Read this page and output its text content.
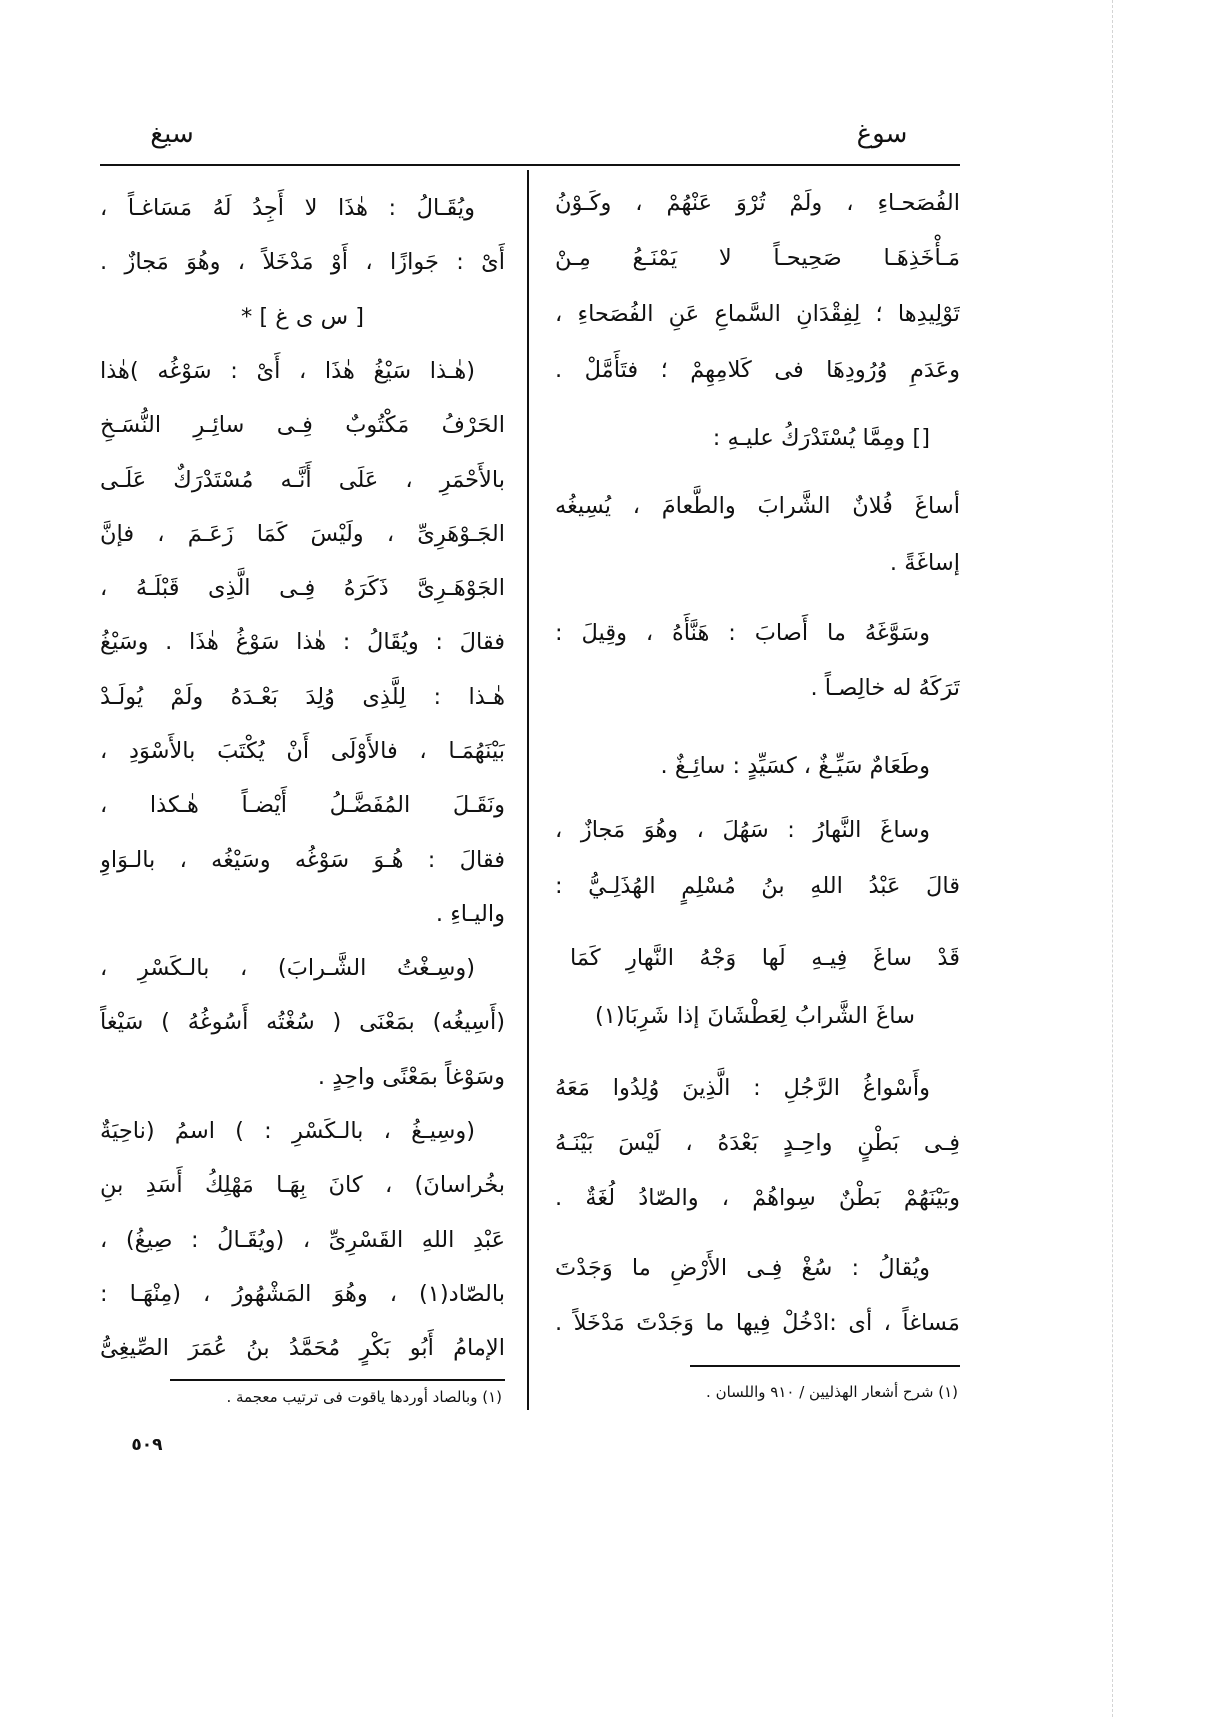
سيغ	سوغ
الفُصَحـاءِ ، ولَمْ تُرْوَ عَنْهُمْ ، وكَـوْنُ
مَـأْخَذِهَـا صَحِيحـاً لا يَمْنَـعُ مِـنْ
تَوْلِيدِها ؛ لِفِقْدَانِ السَّماعِ عَنِ الفُصَحاءِ ،
وعَدَمِ وُرُودِهَا فى كَلامِهِمْ ؛ فتَأَمَّلْ .
[] ومِمَّا يُسْتَدْرَكُ عليـهِ :
أساغَ فُلانٌ الشَّرابَ والطَّعامَ ، يُسِيغُه
إساغَةً .
وسَوَّغَهُ ما أَصابَ : هَنَّأَهُ ، وقِيلَ :
تَرَكَهُ له خالِصـاً .
وطَعَامٌ سَيِّـغٌ ، كسَيِّدٍ : سائِـغٌ .
وساغَ النَّهارُ : سَهُلَ ، وهُوَ مَجازٌ ،
قالَ عَبْدُ اللهِ بنُ مُسْلِمٍ الهُذَلِـيُّ :
قَدْ ساغَ فِيـهِ لَها وَجْهُ النَّهارِ كَمَا
ساغَ الشَّرابُ لِعَطْشَانَ إذا شَرِبَا(١)
وأَسْواغُ الرَّجُلِ : الَّذِينَ وُلِدُوا مَعَهُ
فِـى بَطْنٍ واحِـدٍ بَعْدَهُ ، لَيْسَ بَيْنَـهُ
وبَيْنَهُمْ بَطْنٌ سِواهُمْ ، والصّادُ لُغَةٌ .
ويُقالُ : سُغْ فِـى الأَرْضِ ما وَجَدْتَ
مَساغاً ، أى :ادْخُلْ فِيها ما وَجَدْتَ مَدْخَلاً .
ويُقَـالُ : هٰذَا لا أَجِدُ لَهُ مَسَاغـاً ،
أَىْ : جَوازًا ، أَوْ مَدْخَلاً ، وهُوَ مَجازٌ .
[ س ى غ ] *
(هٰـذا سَيْغُ هٰذَا ، أَىْ : سَوْغُه )هٰذا
الحَرْفُ مَكْتُوبٌ فِـى سائِـرِ النُّسَـخِ
بالأَحْمَرِ ، عَلَى أَنَّـه مُسْتَدْرَكٌ عَلَـى
الجَـوْهَرِىِّ ، ولَيْسَ كَمَا زَعَـمَ ، فإنَّ
الجَوْهَـرِىَّ ذَكَرَهُ فِـى الَّذِى قَبْلَـهُ ،
فقالَ : ويُقَالُ : هٰذا سَوْغُ هٰذَا . وسَيْغُ
هٰـذا : لِلَّذِى وُلِدَ بَعْـدَهُ ولَمْ يُولَـدْ
بَيْنَهُمَـا ، فالأَوْلَى أَنْ يُكْتَبَ بالأَسْوَدِ ،
ونَقَـلَ المُفَضَّـلُ أَيْضـاً هٰـكذا ،
فقالَ : هُـوَ سَوْغُه وسَيْغُه ، بالـوَاوِ
واليـاءِ .
(وسِـغْتُ الشَّـرابَ) ، بالـكَسْرِ ،
(أَسِيغُه) بمَعْنَى ( سُغْتُه أَسُوغُهُ ) سَيْغاً
وسَوْغاً بمَعْنًى واحِدٍ .
(وسِيـغُ ، بالـكَسْرِ : ) اسمُ (ناحِيَةٌ
بخُراسانَ) ، كانَ بِهَـا مَهْلِكُ أَسَدِ بنِ
عَبْدِ اللهِ القَسْرِىِّ ، (ويُقَـالُ : صِيغُ) ،
بالصّاد(١) ، وهُوَ المَشْهُورُ ، (مِنْهَـا :
الإمامُ أَبُو بَكْرٍ مُحَمَّدُ بنُ عُمَرَ الصِّيغِىُّ
(١) شرح أشعار الهذليين / ٩١٠ واللسان .
(١) وبالصاد أوردها ياقوت فى ترتيب معجمة .
٥٠٩
